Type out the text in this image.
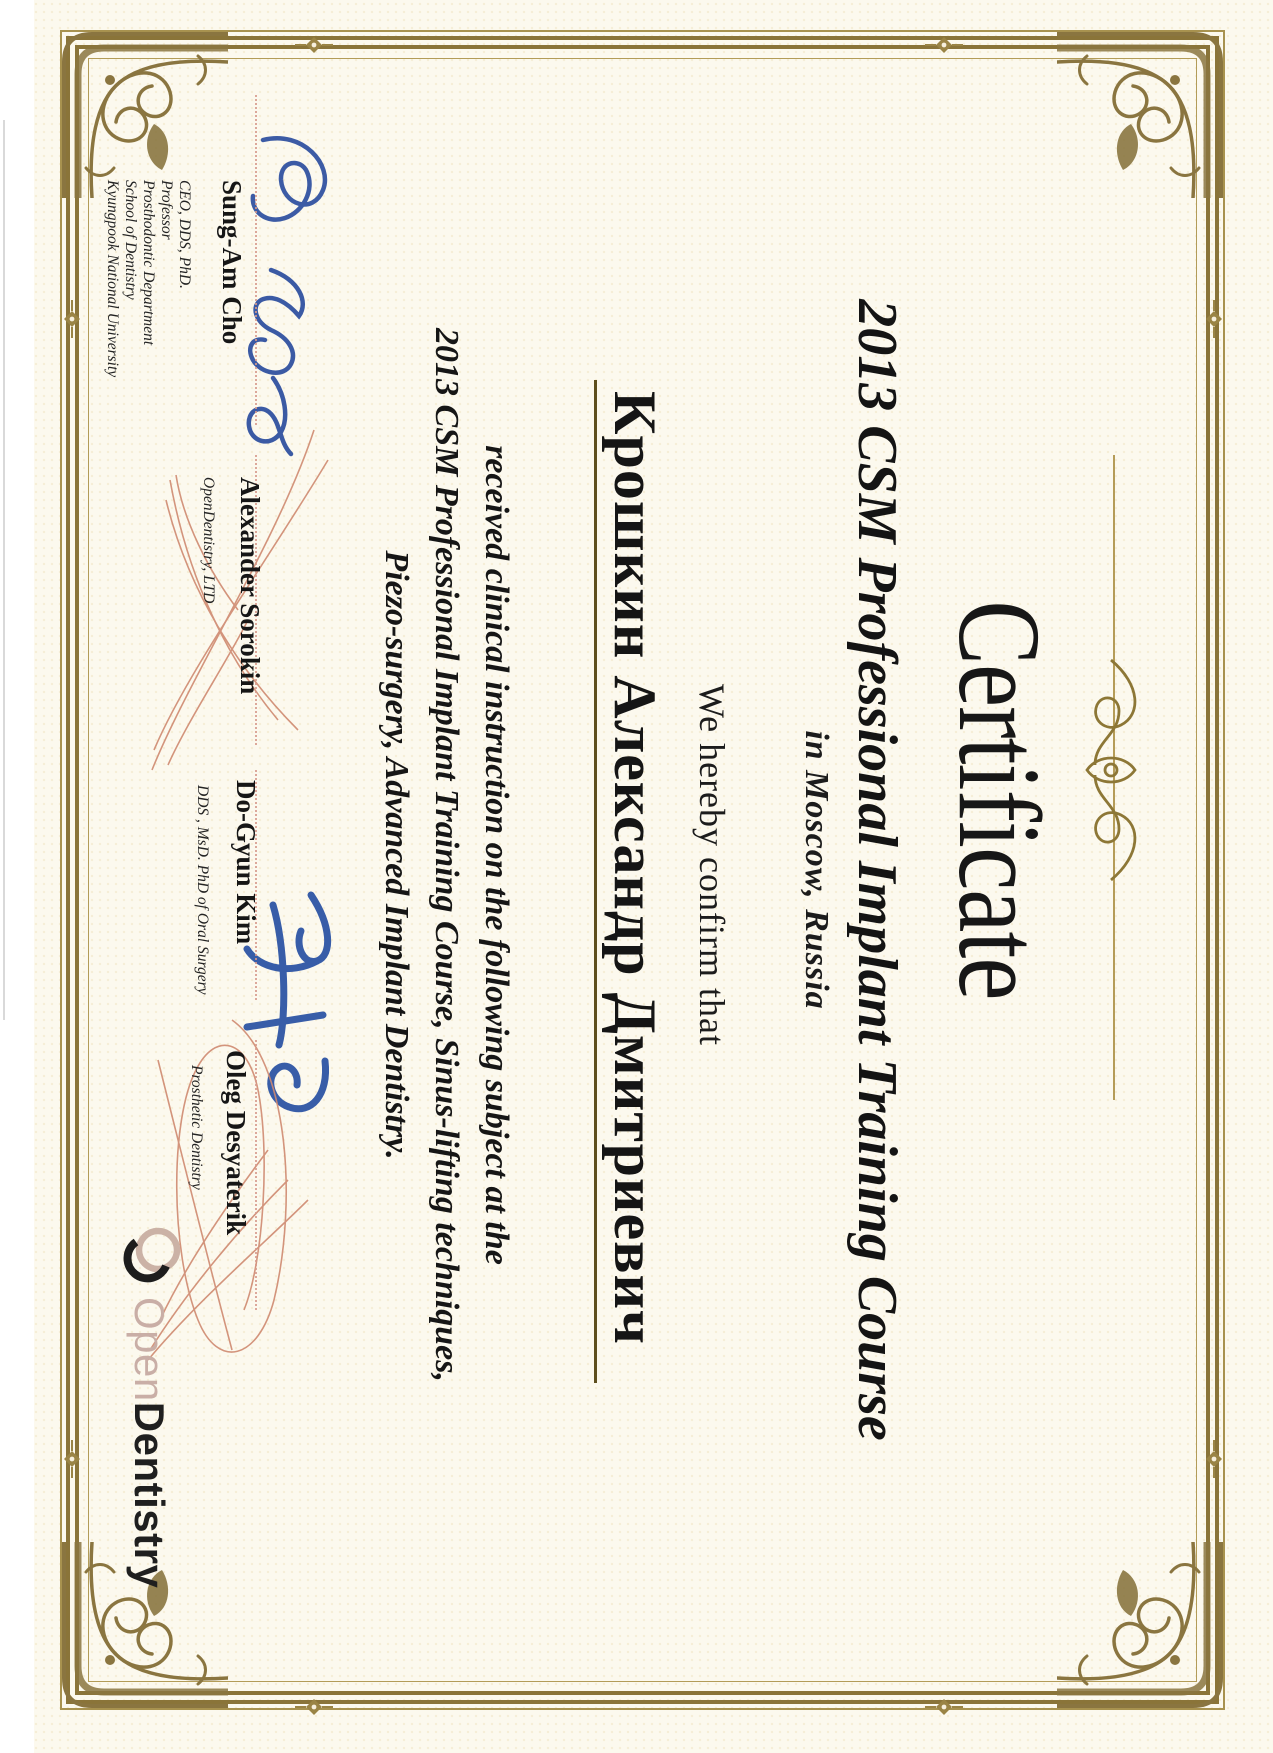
Certificate
2013 CSM Professional Implant Training Course
in Moscow, Russia
We hereby confirm that
Крошкин Александр Дмитриевич
received clinical instruction on the following subject at the
2013 CSM Professional Implant Training Course, Sinus-lifting techniques,
Piezo-surgery, Advanced Implant Dentistry.
Sung-Am Cho
CEO, DDS, PhD.
Professor
Prosthodontic Department
School of Dentistry
Kyungpook National University
Alexander Sorokin
OpenDentistry, LTD
Do-Gyun Kim
DDS , MsD. PhD of Oral Surgery
Oleg Desyaterik
Prosthetic Dentistry
Open
Dentistry
